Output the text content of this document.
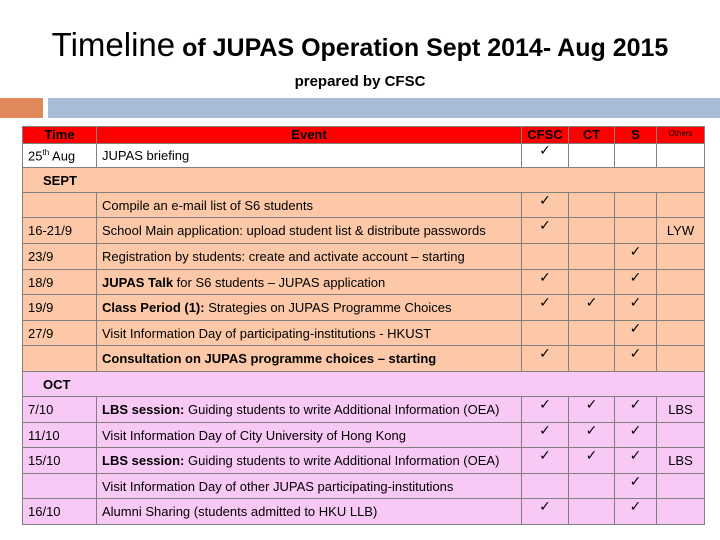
Timeline of JUPAS Operation Sept 2014- Aug 2015
prepared by CFSC
Time	Event	CFSC	CT	S	Others
25th Aug	JUPAS briefing	✓			

SEPT					
	Compile an e-mail list of S6 students	✓			

16-21/9	School Main application: upload student list & distribute passwords	✓			LYW
23/9	Registration by students: create and activate account – starting			✓	

18/9	JUPAS Talk for S6 students – JUPAS application	✓		✓	

19/9	Class Period (1): Strategies on JUPAS Programme Choices	✓	✓	✓	

27/9	Visit Information Day of participating-institutions - HKUST			✓	

	Consultation on JUPAS programme choices – starting	✓		✓	

OCT					
7/10	LBS session: Guiding students to write Additional Information (OEA)	✓	✓	✓	LBS
11/10	Visit Information Day of City University of Hong Kong	✓	✓	✓	

15/10	LBS session: Guiding students to write Additional Information (OEA)	✓	✓	✓	LBS
	Visit Information Day of other JUPAS participating-institutions			✓	

16/10	Alumni Sharing (students admitted to HKU LLB)	✓		✓	
